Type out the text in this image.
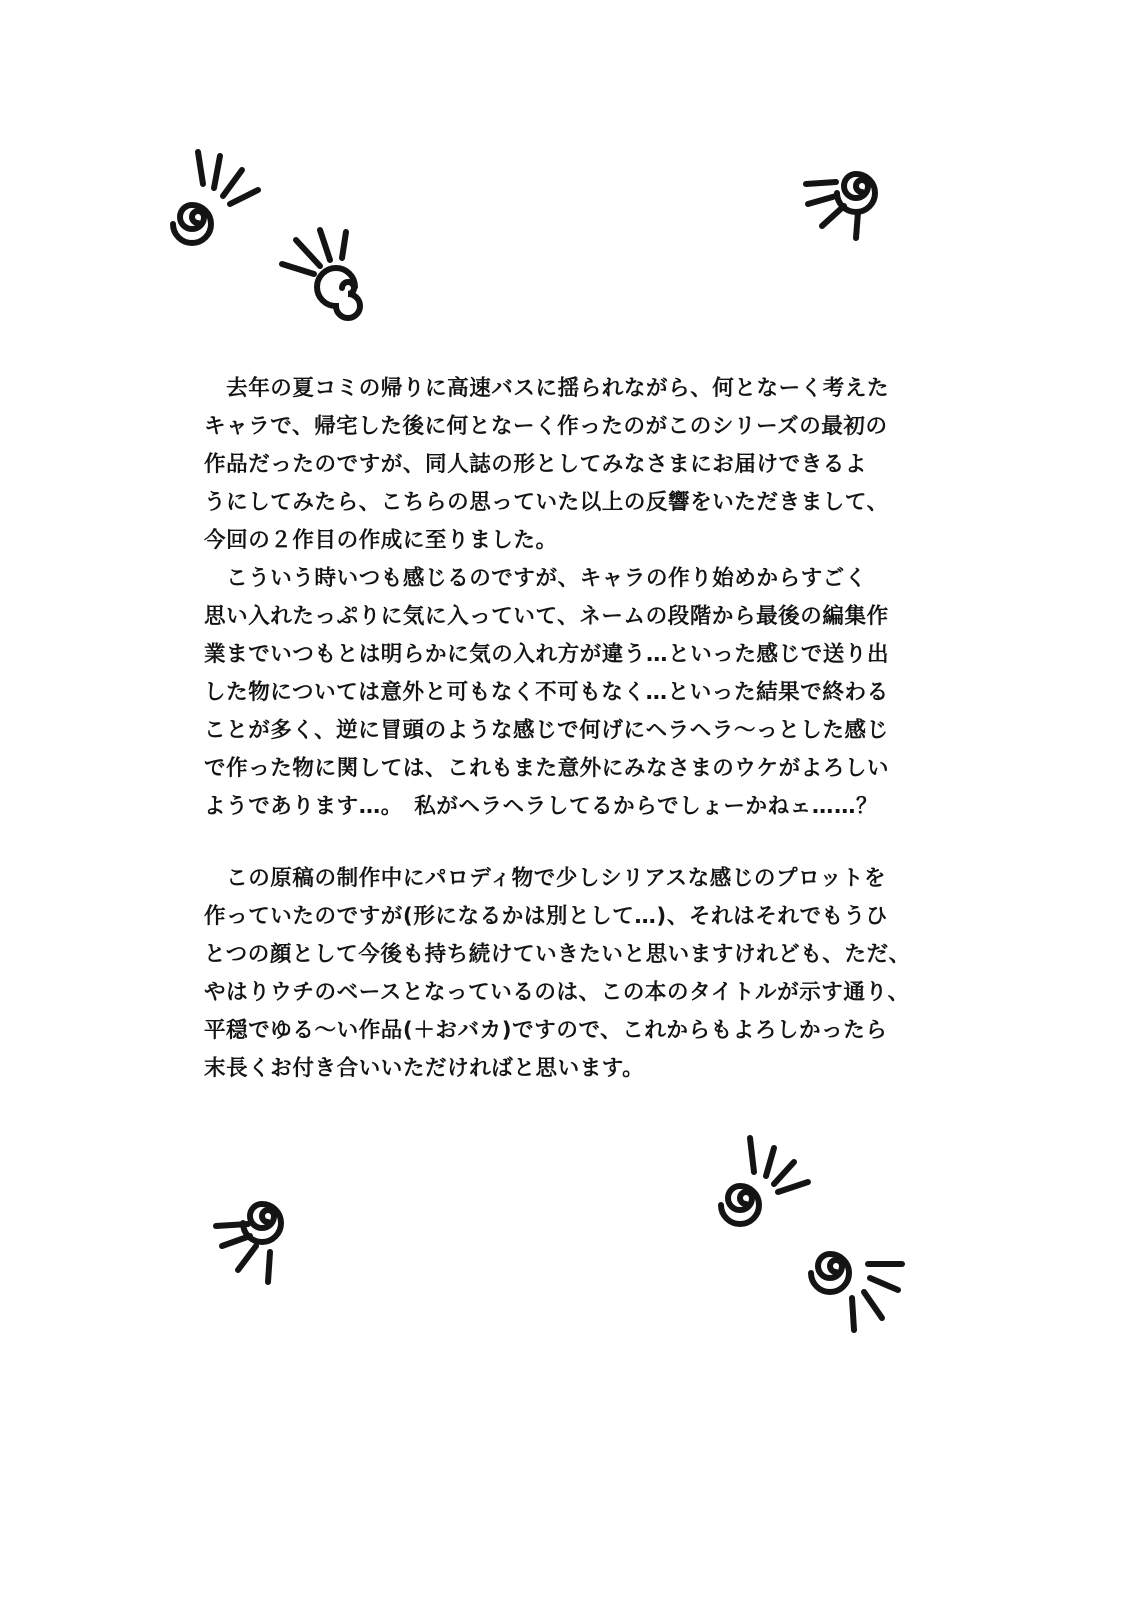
　去年の夏コミの帰りに高速バスに揺られながら、何となーく考えた
キャラで、帰宅した後に何となーく作ったのがこのシリーズの最初の
作品だったのですが、同人誌の形としてみなさまにお届けできるよ
うにしてみたら、こちらの思っていた以上の反響をいただきまして、
今回の２作目の作成に至りました。

　こういう時いつも感じるのですが、キャラの作り始めからすごく
思い入れたっぷりに気に入っていて、ネームの段階から最後の編集作
業までいつもとは明らかに気の入れ方が違う…といった感じで送り出
した物については意外と可もなく不可もなく…といった結果で終わる
ことが多く、逆に冒頭のような感じで何げにヘラヘラ～っとした感じ
で作った物に関しては、これもまた意外にみなさまのウケがよろしい
ようであります…。　私がヘラヘラしてるからでしょーかねェ……？

　この原稿の制作中にパロディ物で少しシリアスな感じのプロットを
作っていたのですが(形になるかは別として…)、それはそれでもうひ
とつの顔として今後も持ち続けていきたいと思いますけれども、ただ、
やはりウチのベースとなっているのは、この本のタイトルが示す通り、
平穏でゆる～い作品(＋おバカ)ですので、これからもよろしかったら
末長くお付き合いいただければと思います。
